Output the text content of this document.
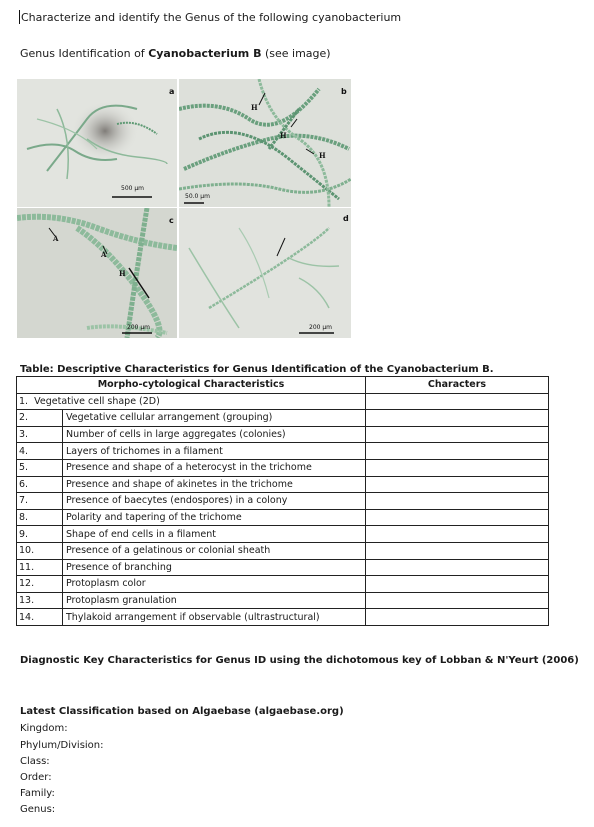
Characterize and identify the Genus of the following cyanobacterium
Genus Identification of Cyanobacterium B (see image)
500 μm
b
H
H
H
50.0 μm
a
c
A
A
H
200 μm
d
200 μm
Table: Descriptive Characteristics for Genus Identification of the Cyanobacterium B.
Morpho-cytological Characteristics		Characters
1. Vegetative cell shape (2D)		
2.	Vegetative cellular arrangement (grouping)	
3.	Number of cells in large aggregates (colonies)	
4.	Layers of trichomes in a filament	
5.	Presence and shape of a heterocyst in the trichome	
6.	Presence and shape of akinetes in the trichome	
7.	Presence of baecytes (endospores) in a colony	
8.	Polarity and tapering of the trichome	
9.	Shape of end cells in a filament	
10.	Presence of a gelatinous or colonial sheath	
11.	Presence of branching	
12.	Protoplasm color	
13.	Protoplasm granulation	
14.	Thylakoid arrangement if observable (ultrastructural)	
Diagnostic Key Characteristics for Genus ID using the dichotomous key of Lobban & N'Yeurt (2006)
Latest Classification based on Algaebase (algaebase.org)
Kingdom:
Phylum/Division:
Class:
Order:
Family:
Genus:
